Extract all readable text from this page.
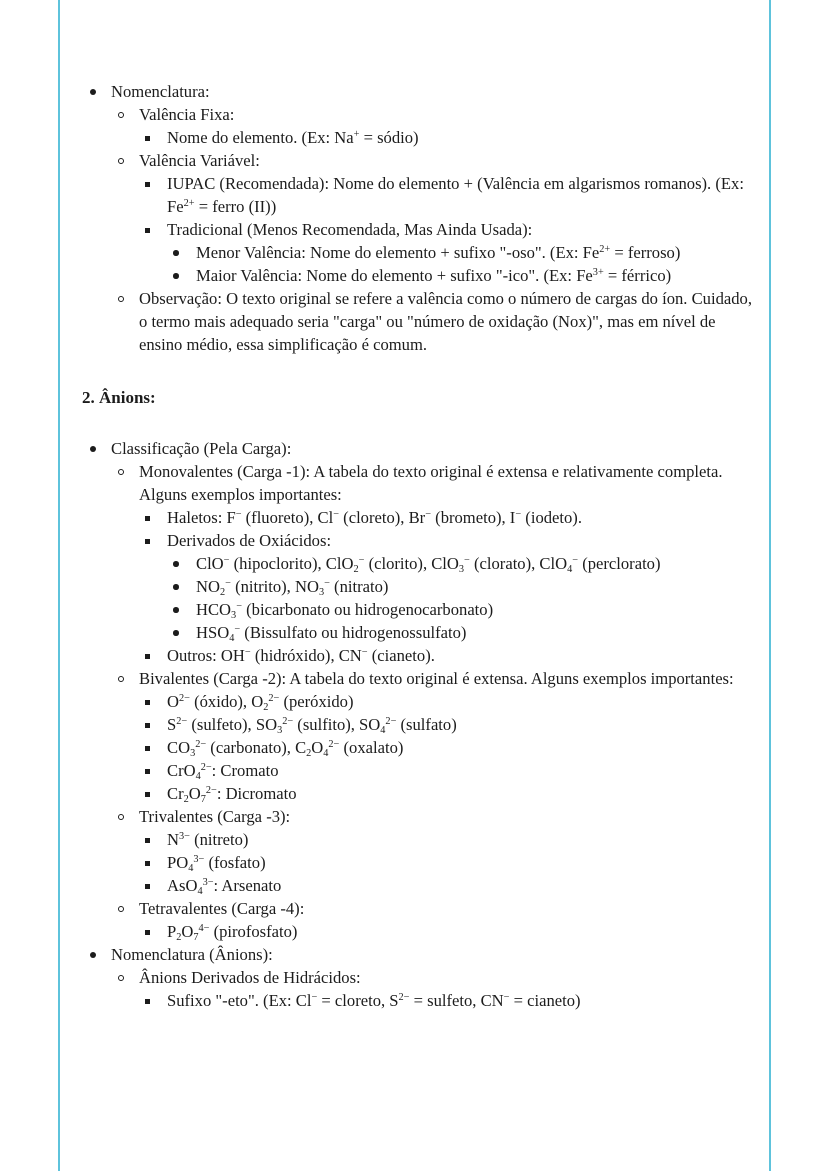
Nomenclatura:
Valência Fixa:
Nome do elemento. (Ex: Na+ = sódio)
Valência Variável:
IUPAC (Recomendada): Nome do elemento + (Valência em algarismos romanos). (Ex: $Fe^{2+}$ = ferro (II))
Tradicional (Menos Recomendada, Mas Ainda Usada):
Menor Valência: Nome do elemento + sufixo "-oso". (Ex: $Fe^{2+}$ = ferroso)
Maior Valência: Nome do elemento + sufixo "-ico". (Ex: $Fe^{3+}$ = férrico)
Observação: O texto original se refere a valência como o número de cargas do íon. Cuidado, o termo mais adequado seria "carga" ou "número de oxidação (Nox)", mas em nível de ensino médio, essa simplificação é comum.
2. Ânions:
Classificação (Pela Carga):
Monovalentes (Carga -1): A tabela do texto original é extensa e relativamente completa. Alguns exemplos importantes:
Haletos: F− (fluoreto), Cl− (cloreto), Br− (brometo), I− (iodeto).
Derivados de Oxiácidos:
ClO− (hipoclorito), ClO$_2$− (clorito), ClO$_3$− (clorato), ClO$_4$− (perclorato)
$NO_2^-$ (nitrito), $NO_3^-$ (nitrato)
$HCO_3^-$ (bicarbonato ou hidrogenocarbonato)
$HSO_4^-$ (Bissulfato ou hidrogenossulfato)
Outros: OH− (hidróxido), CN− (cianeto).
Bivalentes (Carga -2): A tabela do texto original é extensa. Alguns exemplos importantes:
$O^{2-}$ (óxido), $O_2^{2-}$ (peróxido)
$S^{2-}$ (sulfeto), $SO_3^{2-}$ (sulfito), $SO_4^{2-}$ (sulfato)
$CO_3^{2-}$ (carbonato), $C_2O_4^{2-}$ (oxalato)
CrO$_4^{2-}$: Cromato
$Cr_2O_7^{2-}$: Dicromato
Trivalentes (Carga -3):
$N^{3-}$ (nitreto)
$PO_4^{3-}$ (fosfato)
AsO$_4^{3-}$: Arsenato
Tetravalentes (Carga -4):
$P_2O_7^{4-}$ (pirofosfato)
Nomenclatura (Ânions):
Ânions Derivados de Hidrácidos:
Sufixo "-eto". (Ex: Cl− = cloreto, $S^{2-}$ = sulfeto, CN− = cianeto)
